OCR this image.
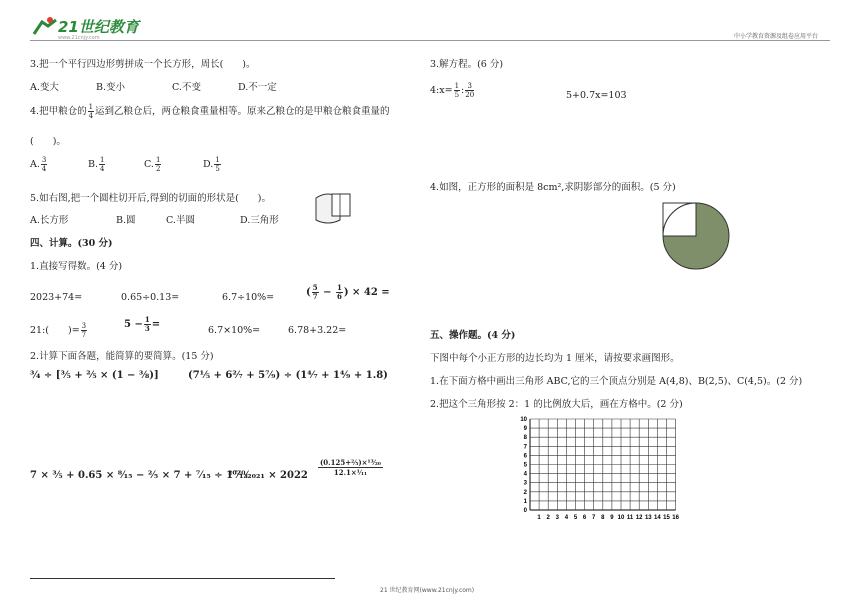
21世纪教育
www.21cnjy.com	中小学教育资源及组卷应用平台
3.把一个平行四边形剪拼成一个长方形，周长(　　)。
A.变大	B.变小	C.不变	D.不一定
4.把甲粮仓的 $\frac{1}{4}$ 运到乙粮仓后，两仓粮食重量相等。原来乙粮仓的是甲粮仓粮食重量的
(　　)。
A. $\frac{3}{4}$	B. $\frac{1}{4}$	C. $\frac{1}{2}$	D. $\frac{1}{5}$
5.如右图,把一个圆柱切开后,得到的切面的形状是(　　)。
A.长方形	B.圆	C.半圆	D.三角形
四、计算。(30 分)
1.直接写得数。(4 分)
2023+74=	0.65÷0.13=	6.7÷10%=	( $\frac{5}{7} - \frac{1}{6}$ ) × 42 =
21:(　　)= $\frac{3}{7}$	$5 - \frac{1}{3}$ =
6.7×10%=	6.78+3.22=
2.计算下面各题，能简算的要简算。(15 分)
¾ ÷ [⅗ + ⅖ × (1 − ⅜)]	(7⅕ + 6²⁄₇ + 5⁷⁄₉) ÷ (1⁴⁄₇ + 1⁴⁄₉ + 1.8)
7 × ⅗ + 0.65 × ⁸⁄₁₅ − ²⁄₅ × 7 + ⁷⁄₁₅ ÷ 1⁷⁄₁₃
²⁰²⁰⁄₂₀₂₁ × $2022 \frac{\text{(0.125+⅖)×¹³⁄₂₀}}{\text{12.1×¹⁄₁₁}}$
21 世纪教育网(www.21cnjy.com)
3.解方程。(6 分)
4:x= $\frac{1}{5}$ : $\frac{3}{20}$	5+0.7x=103
4.如图，正方形的面积是 8cm²,求阴影部分的面积。(5 分)
五、操作题。(4 分)
下图中每个小正方形的边长均为 1 厘米，请按要求画图形。
1.在下面方格中画出三角形 ABC,它的三个顶点分别是 A(4,8)、B(2,5)、C(4,5)。(2 分)
2.把这个三角形按 2：1 的比例放大后，画在方格中。(2 分)
10
9
8
7
6
5
4
3
2
1
0
1 2 3 4 5 6 7 8 9 10 11 12 13 14 15 16
